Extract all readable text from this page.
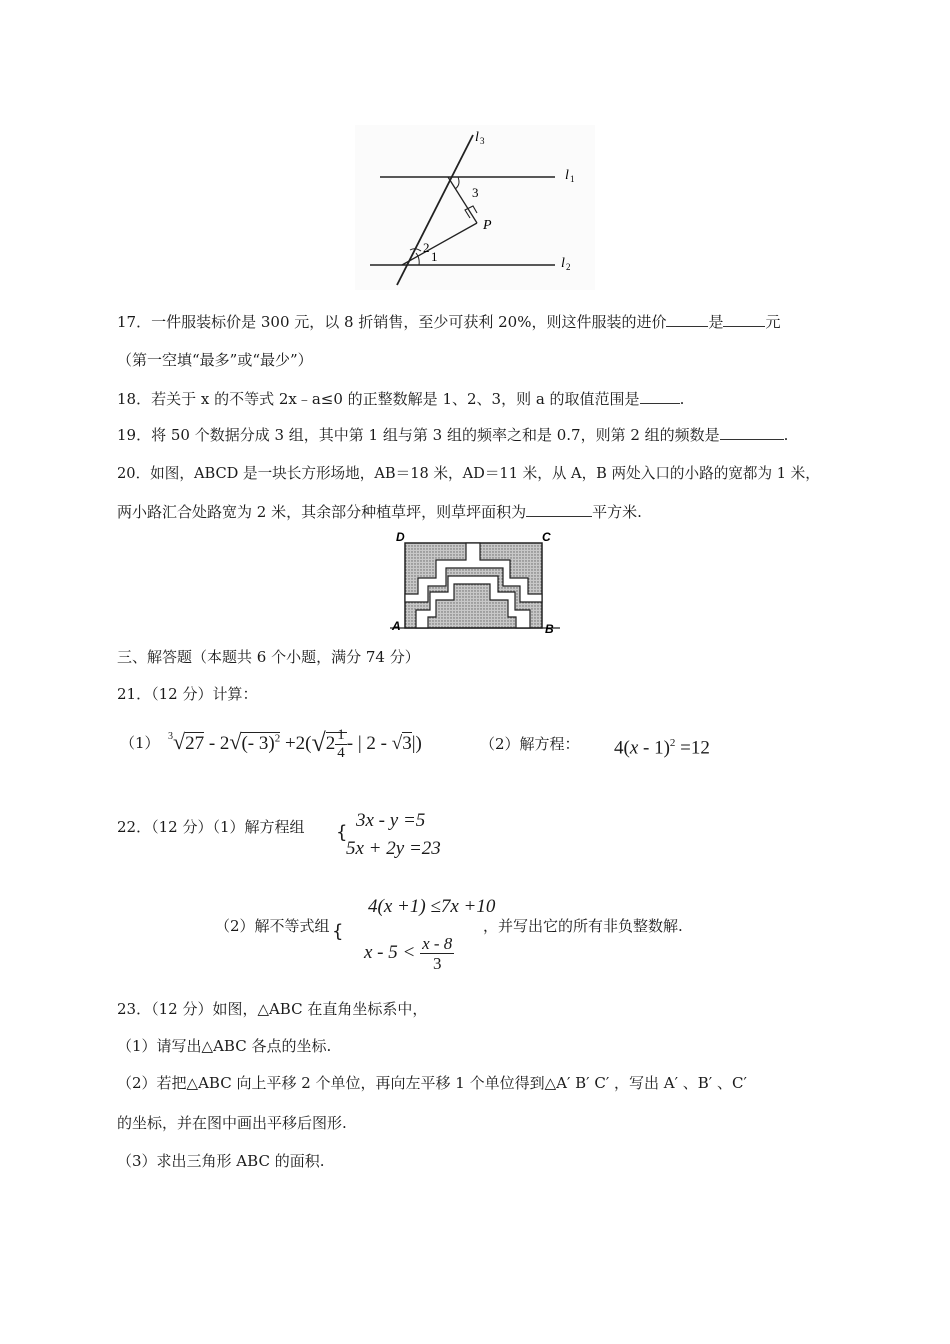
l 3
l 1
l 2
3
2
1
P
17．一件服装标价是 300 元，以 8 折销售，至少可获利 20%，则这件服装的进价	是	元
（第一空填“最多”或“最少”）
18．若关于 x 的不等式 2x﹣a≤0 的正整数解是 1、2、3，则 a 的取值范围是	.
19．将 50 个数据分成 3 组，其中第 1 组与第 3 组的频率之和是 0.7，则第 2 组的频数是	.
20．如图，ABCD 是一块长方形场地，AB＝18 米，AD＝11 米，从 A，B 两处入口的小路的宽都为 1 米，
两小路汇合处路宽为 2 米，其余部分种植草坪，则草坪面积为	平方米.
D	C
A	B
三、解答题（本题共 6 个小题，满分 74 分）
21．（12 分）计算：
（1） $^3$√27 - 2√(- $3)^2 +2(√2 \frac{1}{4}$ - | 2 - √3|)	（2）解方程： 4(x - 1)$^2$ =12
22．（12 分）（1）解方程组 {
3x - y =5
5x + 2y =23
（2）解不等式组 {
4(x +1) ≤7x +10
$x - 5 < \frac{x - 8}{3}$
，并写出它的所有非负整数解.
23．（12 分）如图，△ABC 在直角坐标系中，
（1）请写出△ABC 各点的坐标.
（2）若把△ABC 向上平移 2 个单位，再向左平移 1 个单位得到△A′ B′ C′ ，写出 A′ 、B′ 、C′
的坐标，并在图中画出平移后图形.
（3）求出三角形 ABC 的面积.
